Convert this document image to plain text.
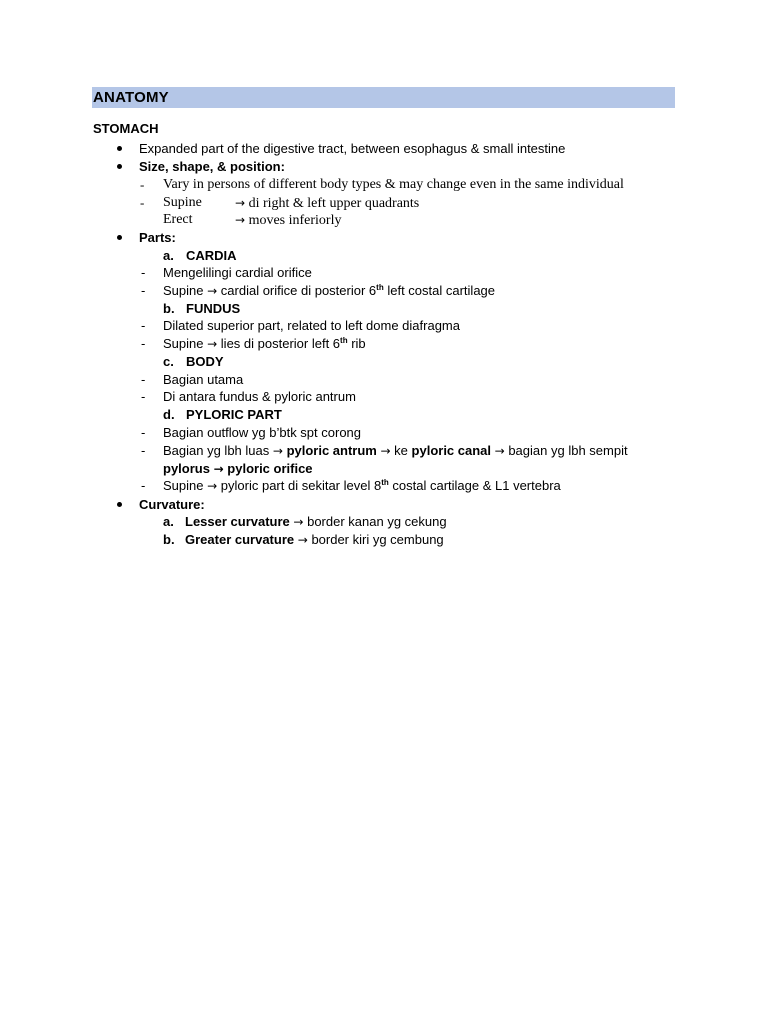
ANATOMY
STOMACH
Expanded part of the digestive tract, between esophagus & small intestine
Size, shape, & position:
- Vary in persons of different body types & may change even in the same individual
- Supine	→ di right & left upper quadrants
Erect	→ moves inferiorly
Parts:
a. CARDIA
- Mengelilingi cardial orifice
- Supine → cardial orifice di posterior 6th left costal cartilage
b. FUNDUS
- Dilated superior part, related to left dome diafragma
- Supine → lies di posterior left 6th rib
c. BODY
- Bagian utama
- Di antara fundus & pyloric antrum
d. PYLORIC PART
- Bagian outflow yg b’btk spt corong
- Bagian yg lbh luas → pyloric antrum → ke pyloric canal → bagian yg lbh sempit
pylorus → pyloric orifice
- Supine → pyloric part di sekitar level 8th costal cartilage & L1 vertebra
Curvature:
a. Lesser curvature → border kanan yg cekung
b. Greater curvature → border kiri yg cembung
